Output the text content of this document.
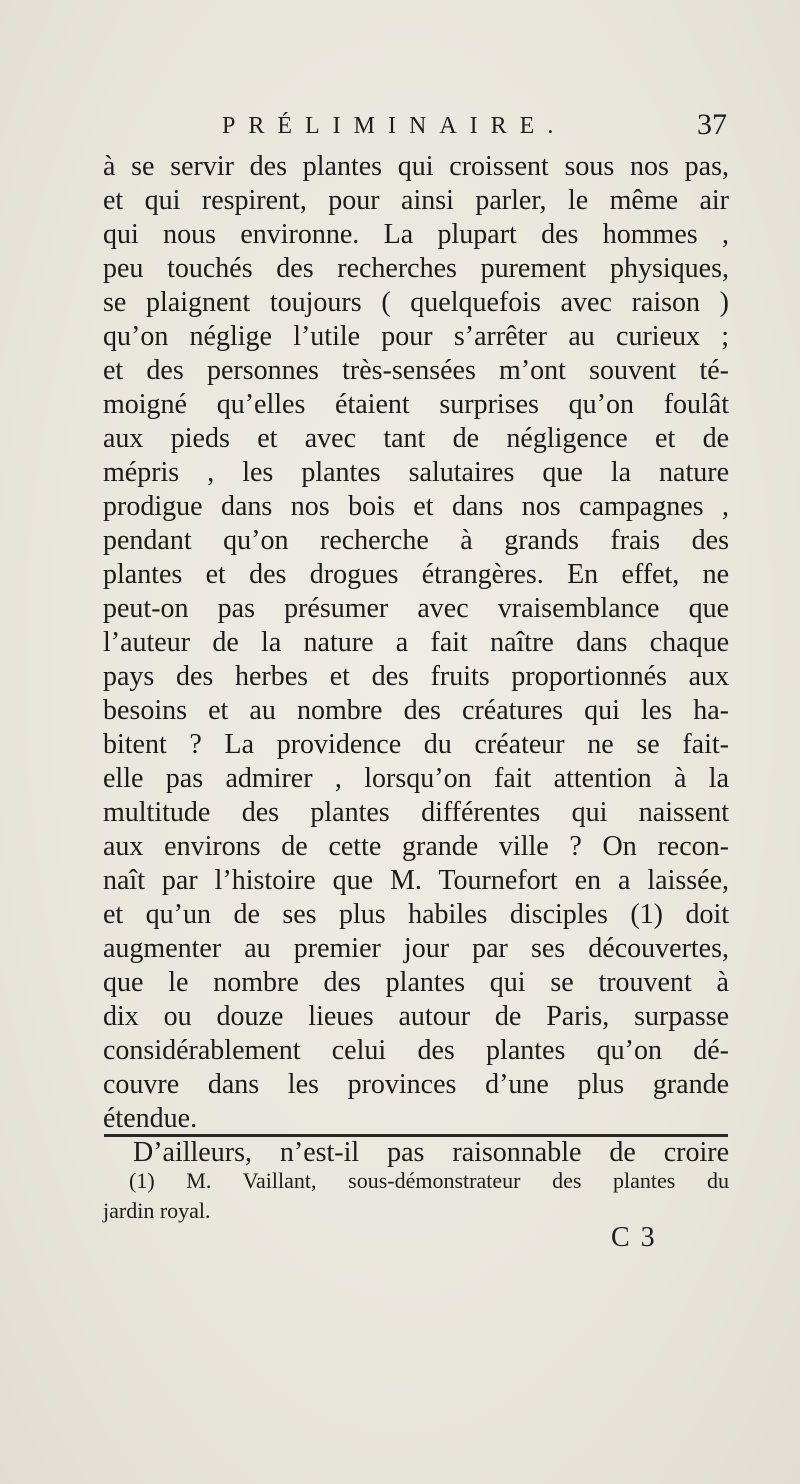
PRÉLIMINAIRE.	37
à se servir des plantes qui croissent sous nos pas,
et qui respirent, pour ainsi parler, le même air
qui nous environne. La plupart des hommes ,
peu touchés des recherches purement physiques,
se plaignent toujours ( quelquefois avec raison )
qu’on néglige l’utile pour s’arrêter au curieux ;
et des personnes très-sensées m’ont souvent té-
moigné qu’elles étaient surprises qu’on foulât
aux pieds et avec tant de négligence et de
mépris , les plantes salutaires que la nature
prodigue dans nos bois et dans nos campagnes ,
pendant qu’on recherche à grands frais des
plantes et des drogues étrangères. En effet, ne
peut-on pas présumer avec vraisemblance que
l’auteur de la nature a fait naître dans chaque
pays des herbes et des fruits proportionnés aux
besoins et au nombre des créatures qui les ha-
bitent ? La providence du créateur ne se fait-
elle pas admirer , lorsqu’on fait attention à la
multitude des plantes différentes qui naissent
aux environs de cette grande ville ? On recon-
naît par l’histoire que M. Tournefort en a laissée,
et qu’un de ses plus habiles disciples (1) doit
augmenter au premier jour par ses découvertes,
que le nombre des plantes qui se trouvent à
dix ou douze lieues autour de Paris, surpasse
considérablement celui des plantes qu’on dé-
couvre dans les provinces d’une plus grande
étendue.
D’ailleurs, n’est-il pas raisonnable de croire
(1) M. Vaillant, sous-démonstrateur des plantes du
jardin royal.
C 3
